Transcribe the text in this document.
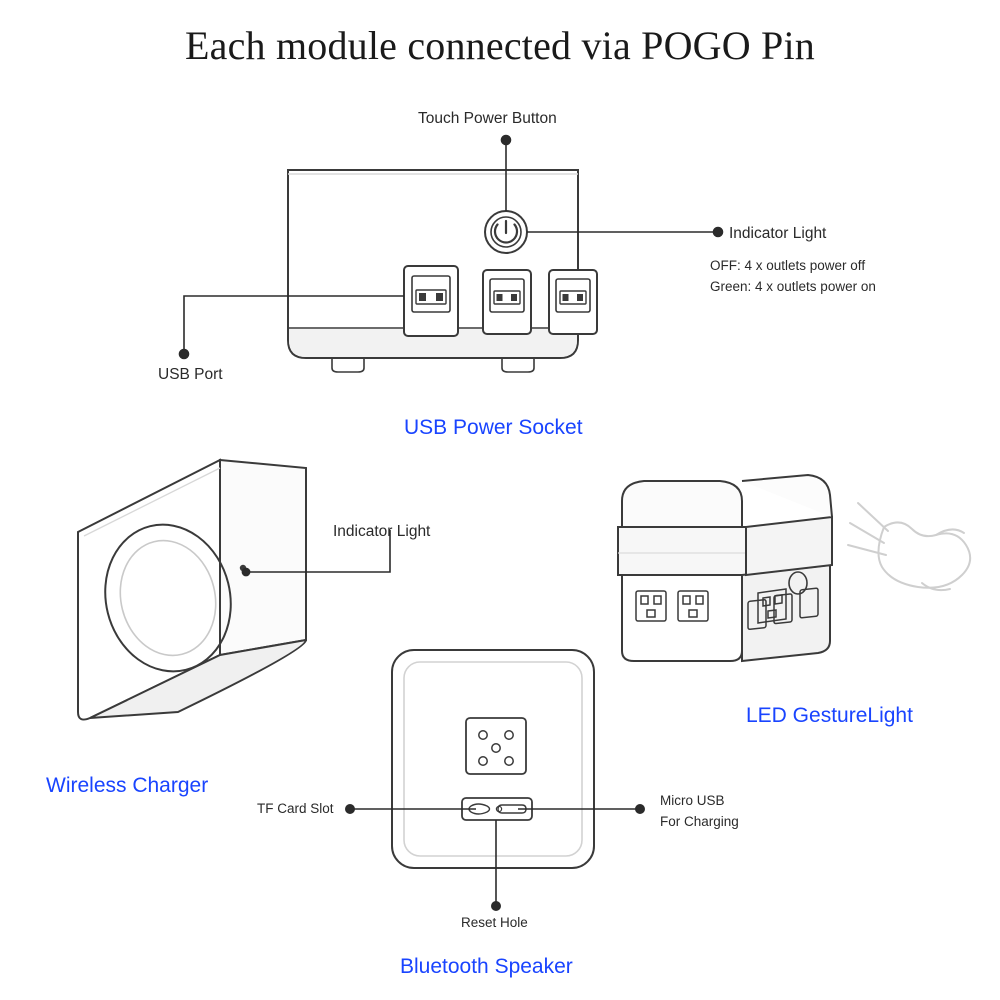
Each module connected via POGO Pin
Touch Power Button
Indicator Light
OFF: 4 x outlets power off
Green: 4 x outlets power on
USB Port
USB Power Socket
Indicator Light
Wireless Charger
LED GestureLight
TF Card Slot
Micro USB
For Charging
Reset Hole
Bluetooth Speaker
